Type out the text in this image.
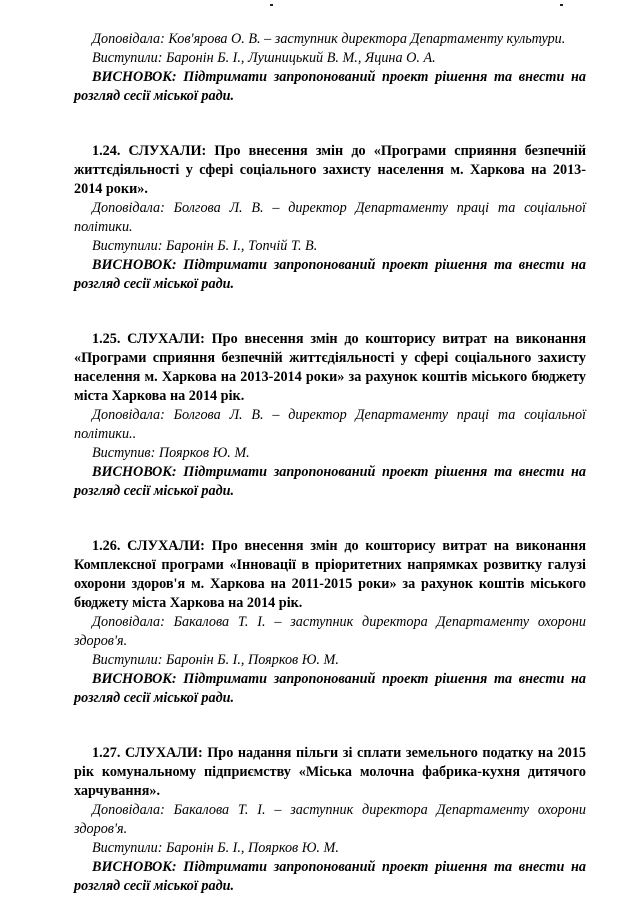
Доповідала: Ков'ярова О. В. – заступник директора Департаменту культури.

Виступили: Баронін Б. І., Лушницький В. М., Яцина О. А.

ВИСНОВОК: Підтримати запропонований проект рішення та внести на розгляд сесії міської ради.

1.24. СЛУХАЛИ: Про внесення змін до «Програми сприяння безпечній життєдіяльності у сфері соціального захисту населення м. Харкова на 2013-2014 роки».

Доповідала: Болгова Л. В. – директор Департаменту праці та соціальної політики.

Виступили: Баронін Б. І., Топчій Т. В.

ВИСНОВОК: Підтримати запропонований проект рішення та внести на розгляд сесії міської ради.

1.25. СЛУХАЛИ: Про внесення змін до кошторису витрат на виконання «Програми сприяння безпечній життєдіяльності у сфері соціального захисту населення м. Харкова на 2013-2014 роки» за рахунок коштів міського бюджету міста Харкова на 2014 рік.

Доповідала: Болгова Л. В. – директор Департаменту праці та соціальної політики..

Виступив: Поярков Ю. М.

ВИСНОВОК: Підтримати запропонований проект рішення та внести на розгляд сесії міської ради.

1.26. СЛУХАЛИ: Про внесення змін до кошторису витрат на виконання Комплексної програми «Інновації в пріоритетних напрямках розвитку галузі охорони здоров'я м. Харкова на 2011-2015 роки» за рахунок коштів міського бюджету міста Харкова на 2014 рік.

Доповідала: Бакалова Т. І. – заступник директора Департаменту охорони здоров'я.

Виступили: Баронін Б. І., Поярков Ю. М.

ВИСНОВОК: Підтримати запропонований проект рішення та внести на розгляд сесії міської ради.

1.27. СЛУХАЛИ: Про надання пільги зі сплати земельного податку на 2015 рік комунальному підприємству «Міська молочна фабрика-кухня дитячого харчування».

Доповідала: Бакалова Т. І. – заступник директора Департаменту охорони здоров'я.

Виступили: Баронін Б. І., Поярков Ю. М.

ВИСНОВОК: Підтримати запропонований проект рішення та внести на розгляд сесії міської ради.
